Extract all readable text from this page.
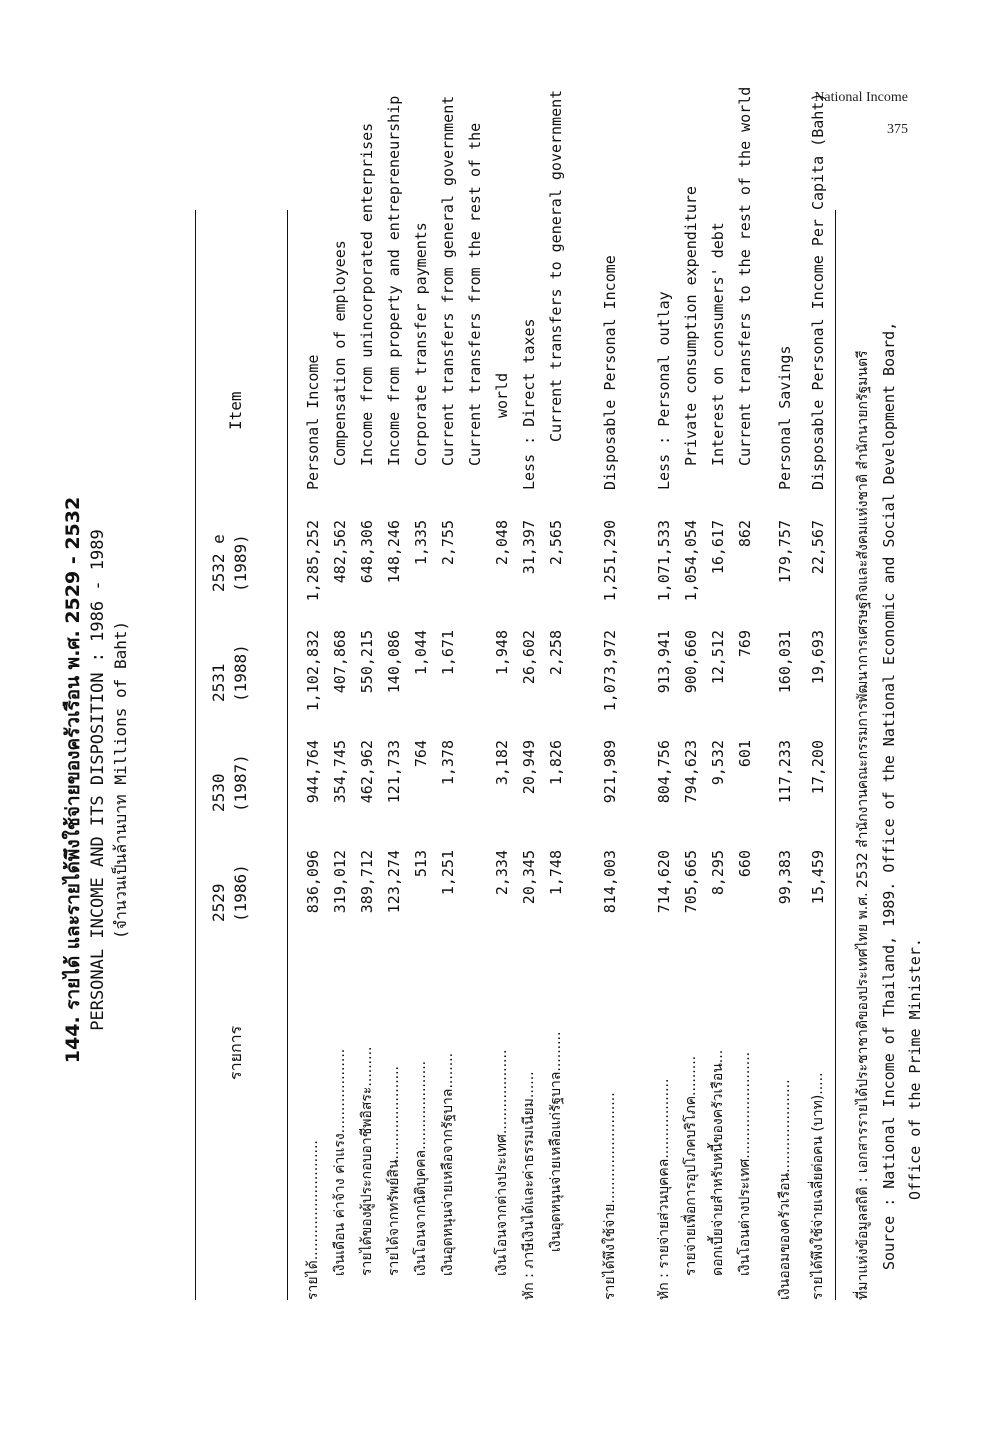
National Income
375
144. รายได้ และรายได้พึงใช้จ่ายของครัวเรือน พ.ศ. 2529 - 2532 PERSONAL INCOME AND ITS DISPOSITION : 1986 - 1989 (จำนวนเป็นล้านบาท Millions of Baht)
รายการ
2529 (1986)
2530 (1987)
2531 (1988)
2532 e (1989)
Item
รายได้...........................
836,096
944,764
1,102,832
1,285,252
Personal Income
เงินเดือน ค่าจ้าง ค่าแรง...................
319,012
354,745
407,868
482,562
Compensation of employees
รายได้ของผู้ประกอบอาชีพอิสระ.........
389,712
462,962
550,215
648,306
Income from unincorporated enterprises
รายได้จากทรัพย์สิน.....................
123,274
121,733
140,086
148,246
Income from property and entrepreneurship
เงินโอนจากนิติบุคคล....................
513
764
1,044
1,335
Corporate transfer payments
เงินอุดหนุนจ่ายเหลือจากรัฐบาล........
1,251
1,378
1,671
2,755
Current transfers from general government Current transfers from the rest of the
เงินโอนจากต่างประเทศ...................
2,334
3,182
1,948
2,048
world
หัก : ภาษีเงินได้และค่าธรรมเนียม......
20,345
20,949
26,602
31,397
Less : Direct taxes
เงินอุดหนุนจ่ายเหลือแก่รัฐบาล.........
1,748
1,826
2,258
2,565
Current transfers to general government
รายได้พึงใช้จ่าย.........................
814,003
921,989
1,073,972
1,251,290
Disposable Personal Income
หัก : รายจ่ายส่วนบุคคล..................
714,620
804,756
913,941
1,071,533
Less : Personal outlay
รายจ่ายเพื่อการอุปโภคบริโภค.........
705,665
794,623
900,660
1,054,054
Private consumption expenditure
ดอกเบี้ยจ่ายสำหรับหนี้ของครัวเรือน...
8,295
9,532
12,512
16,617
Interest on consumers' debt
เงินโอนต่างประเทศ........................
660
601
769
862
Current transfers to the rest of the world
เงินออมของครัวเรือน.....................
99,383
117,233
160,031
179,757
Personal Savings
รายได้พึงใช้จ่ายเฉลี่ยต่อคน (บาท).....
15,459
17,200
19,693
22,567
Disposable Personal Income Per Capita (Baht)
ที่มาแห่งข้อมูลสถิติ : เอกสารรายได้ประชาชาติของประเทศไทย พ.ศ. 2532 สำนักงานคณะกรรมการพัฒนาการเศรษฐกิจและสังคมแห่งชาติ สำนักนายกรัฐมนตรี Source : National Income of Thailand, 1989. Office of the National Economic and Social Development Board, Office of the Prime Minister.
